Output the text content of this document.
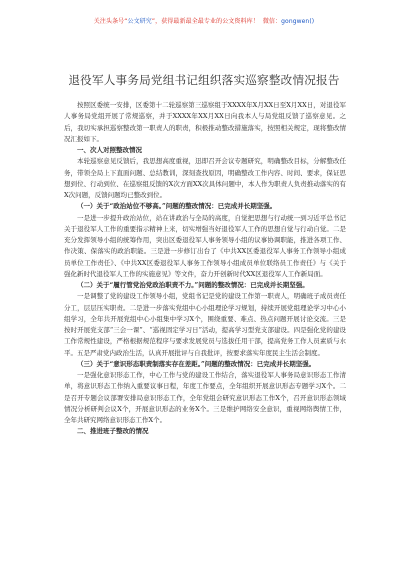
关注头条号“公文研究”，获得最新最全最专业的公文资料库！ 微信：gongwen()
退役军人事务局党组书记组织落实巡察整改情况报告

按照区委统一安排，区委第十二轮巡察第三巡察组于XXXX年X月XX日至X月XX日，对退役军人事务局党组开展了常规巡察，并于XXXX年XX月XX日向我本人与局党组反馈了巡察意见。之后，我切实承担巡察整改第一职责人的职责，积极推动整改措施落实，按照相关规定，现将整改情况汇报如下。

一、次人对照整改情况

本轮巡察意见反馈后，我思想高度重视，迅即召开会议专题研究，明确整改目标，分解整改任务，带领全局上下直面问题、总结教训，深刻查找原因，明确整改工作内容、时间、要求，保证思想到位、行动到位、在巡察组反馈的X次方面XX次具体问题中，本人作为职责人负责推动落实的有X次问题，反馈问题均已整改到位。

（一）关于“政治站位不够高。”问题的整改情况：已完成并长期坚强。

一是进一步提升政治站位，站在讲政治与全局的高度，自觉把思想与行动统一到习近平总书记关于退役军人工作的重要指示精神上来，切实增强当好退役军人工作的思想自觉与行动自觉。二是充分发挥领导小组的统筹作用，突出区委退役军人事务领导小组的议事协调职能，推进各项工作、作决策、保落实的政治职能。三是进一步修订出台了《中共XX区委退役军人事务工作领导小组成员单位工作责任》、《中共XX区委退役军人事务工作领导小组成员单位联络员工作责任》与《关于强化新时代退役军人工作的实施意见》等文件，奋力开创新时代XX区退役军人工作新局面。

（二）关于“履行管党治党政治职责不力。”问题的整改情况：已完成并长期坚强。

一是调整了党的建设工作领导小组，党组书记是党的建设工作第一职责人，明确班子成员责任分工，层层压实职责。二是进一步落实党组中心小组理论学习规划，持续开展党组理论学习中心小组学习，全年共开展党组中心小组集中学习X个，围绕重要、难点、热点问题开展讨论交流。三是按时开展党支部“三会一课”、“巡视固定学习日”活动，提高学习型党支部建设。四是强化党的建设工作常规性建设，严格根据规范程序与要求发展党员与选拔任用干部，提高党务工作人员素质与水平。五是严肃党内政治生活，认真开展批评与自我批评，按要求落实年度民主生活会制度。

（三）关于“意识形态职责制落实存在差距。”问题的整改情况：已完成并长期坚强。

一是强化意识形态工作，中心工作与党的建设工作结合，落实退役军人事务局意识形态工作清单，将意识形态工作纳入重要议事日程，年度工作要点，全年组织开展意识形态专题学习X个。二是召开专题会议部署安排局意识形态工作，全年党组会研究意识形态工作X个，召开意识形态领域情况分析研判会议X个，开展意识形态的业务X个。三是维护网络安全意识，重视网络舆情工作，全年共研究网络意识形态工作X个。

二、推进班子整改的情况
